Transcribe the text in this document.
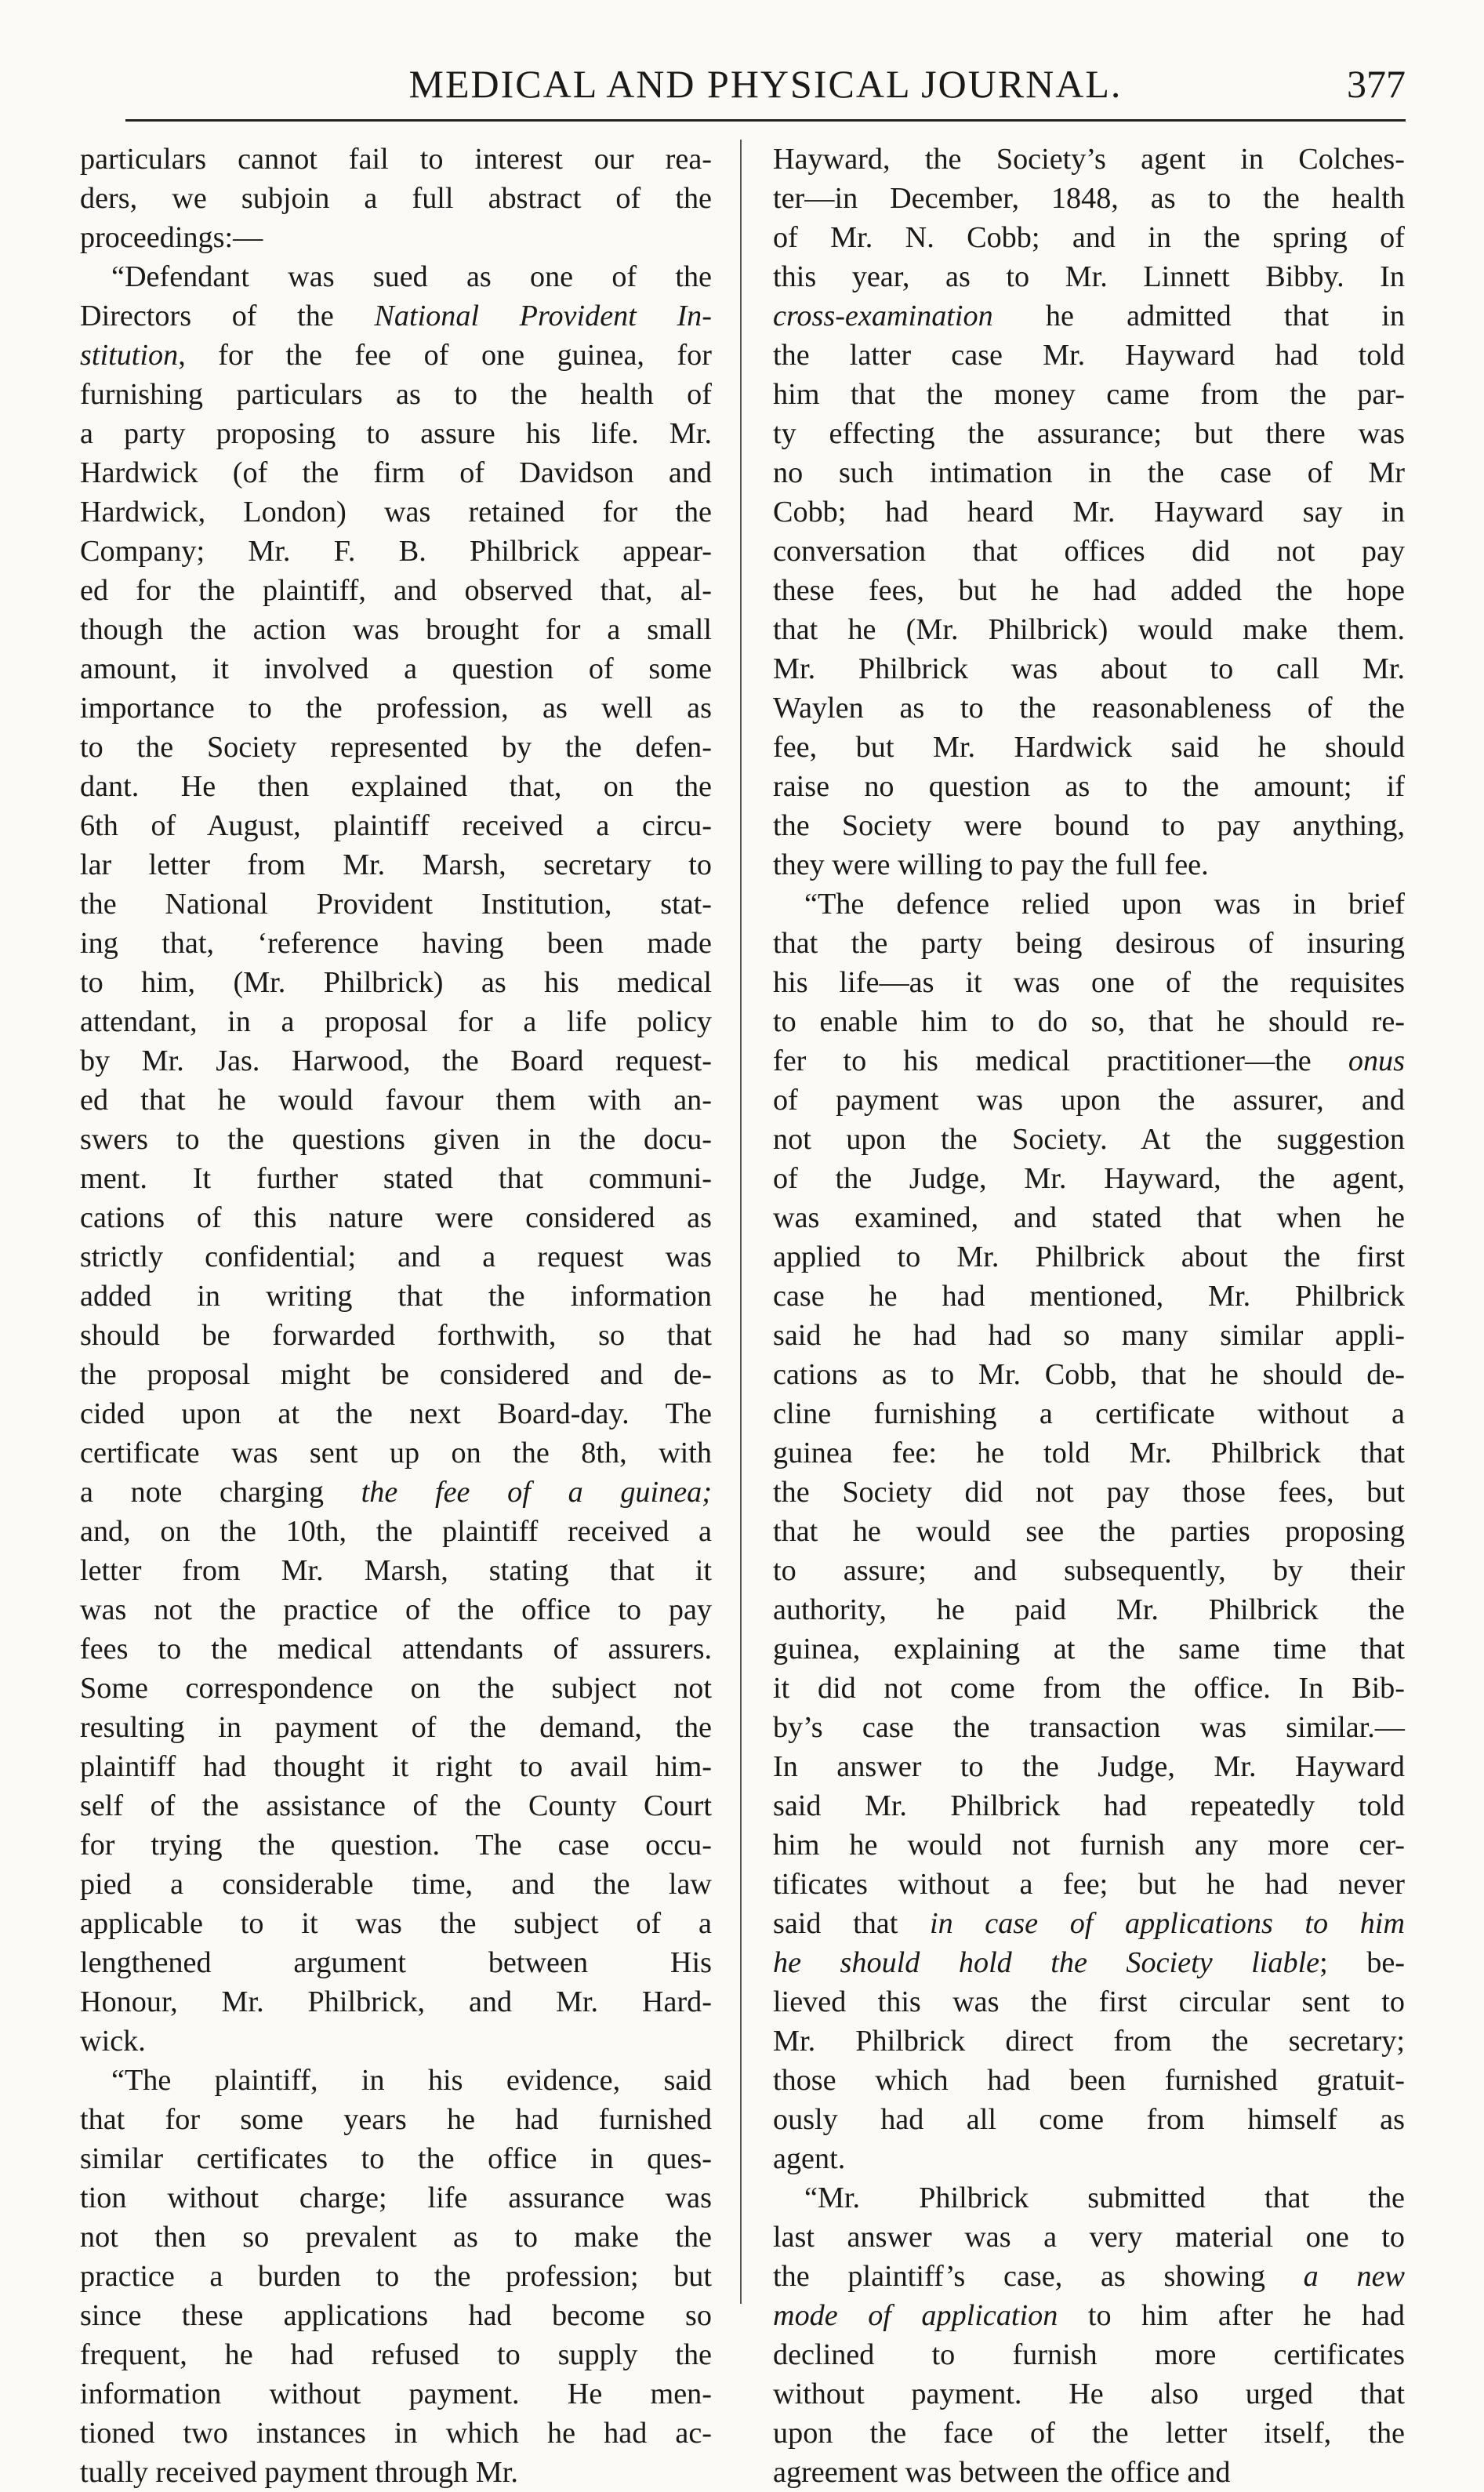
MEDICAL AND PHYSICAL JOURNAL.	377

particulars cannot fail to interest our rea-

ders, we subjoin a full abstract of the

proceedings:—

“Defendant was sued as one of the

Directors of the National Provident In-

stitution, for the fee of one guinea, for

furnishing particulars as to the health of

a party proposing to assure his life. Mr.

Hardwick (of the firm of Davidson and

Hardwick, London) was retained for the

Company; Mr. F. B. Philbrick appear-

ed for the plaintiff, and observed that, al-

though the action was brought for a small

amount, it involved a question of some

importance to the profession, as well as

to the Society represented by the defen-

dant. He then explained that, on the

6th of August, plaintiff received a circu-

lar letter from Mr. Marsh, secretary to

the National Provident Institution, stat-

ing that, ‘reference having been made

to him, (Mr. Philbrick) as his medical

attendant, in a proposal for a life policy

by Mr. Jas. Harwood, the Board request-

ed that he would favour them with an-

swers to the questions given in the docu-

ment. It further stated that communi-

cations of this nature were considered as

strictly confidential; and a request was

added in writing that the information

should be forwarded forthwith, so that

the proposal might be considered and de-

cided upon at the next Board-day. The

certificate was sent up on the 8th, with

a note charging the fee of a guinea;

and, on the 10th, the plaintiff received a

letter from Mr. Marsh, stating that it

was not the practice of the office to pay

fees to the medical attendants of assurers.

Some correspondence on the subject not

resulting in payment of the demand, the

plaintiff had thought it right to avail him-

self of the assistance of the County Court

for trying the question. The case occu-

pied a considerable time, and the law

applicable to it was the subject of a

lengthened argument between His

Honour, Mr. Philbrick, and Mr. Hard-

wick.

“The plaintiff, in his evidence, said

that for some years he had furnished

similar certificates to the office in ques-

tion without charge; life assurance was

not then so prevalent as to make the

practice a burden to the profession; but

since these applications had become so

frequent, he had refused to supply the

information without payment. He men-

tioned two instances in which he had ac-

tually received payment through Mr.

Hayward, the Society’s agent in Colches-

ter—in December, 1848, as to the health

of Mr. N. Cobb; and in the spring of

this year, as to Mr. Linnett Bibby. In

cross-examination he admitted that in

the latter case Mr. Hayward had told

him that the money came from the par-

ty effecting the assurance; but there was

no such intimation in the case of Mr

Cobb; had heard Mr. Hayward say in

conversation that offices did not pay

these fees, but he had added the hope

that he (Mr. Philbrick) would make them.

Mr. Philbrick was about to call Mr.

Waylen as to the reasonableness of the

fee, but Mr. Hardwick said he should

raise no question as to the amount; if

the Society were bound to pay anything,

they were willing to pay the full fee.

“The defence relied upon was in brief

that the party being desirous of insuring

his life—as it was one of the requisites

to enable him to do so, that he should re-

fer to his medical practitioner—the onus

of payment was upon the assurer, and

not upon the Society. At the suggestion

of the Judge, Mr. Hayward, the agent,

was examined, and stated that when he

applied to Mr. Philbrick about the first

case he had mentioned, Mr. Philbrick

said he had had so many similar appli-

cations as to Mr. Cobb, that he should de-

cline furnishing a certificate without a

guinea fee: he told Mr. Philbrick that

the Society did not pay those fees, but

that he would see the parties proposing

to assure; and subsequently, by their

authority, he paid Mr. Philbrick the

guinea, explaining at the same time that

it did not come from the office. In Bib-

by’s case the transaction was similar.—

In answer to the Judge, Mr. Hayward

said Mr. Philbrick had repeatedly told

him he would not furnish any more cer-

tificates without a fee; but he had never

said that in case of applications to him

he should hold the Society liable; be-

lieved this was the first circular sent to

Mr. Philbrick direct from the secretary;

those which had been furnished gratuit-

ously had all come from himself as

agent.

“Mr. Philbrick submitted that the

last answer was a very material one to

the plaintiff’s case, as showing a new

mode of application to him after he had

declined to furnish more certificates

without payment. He also urged that

upon the face of the letter itself, the

agreement was between the office and
